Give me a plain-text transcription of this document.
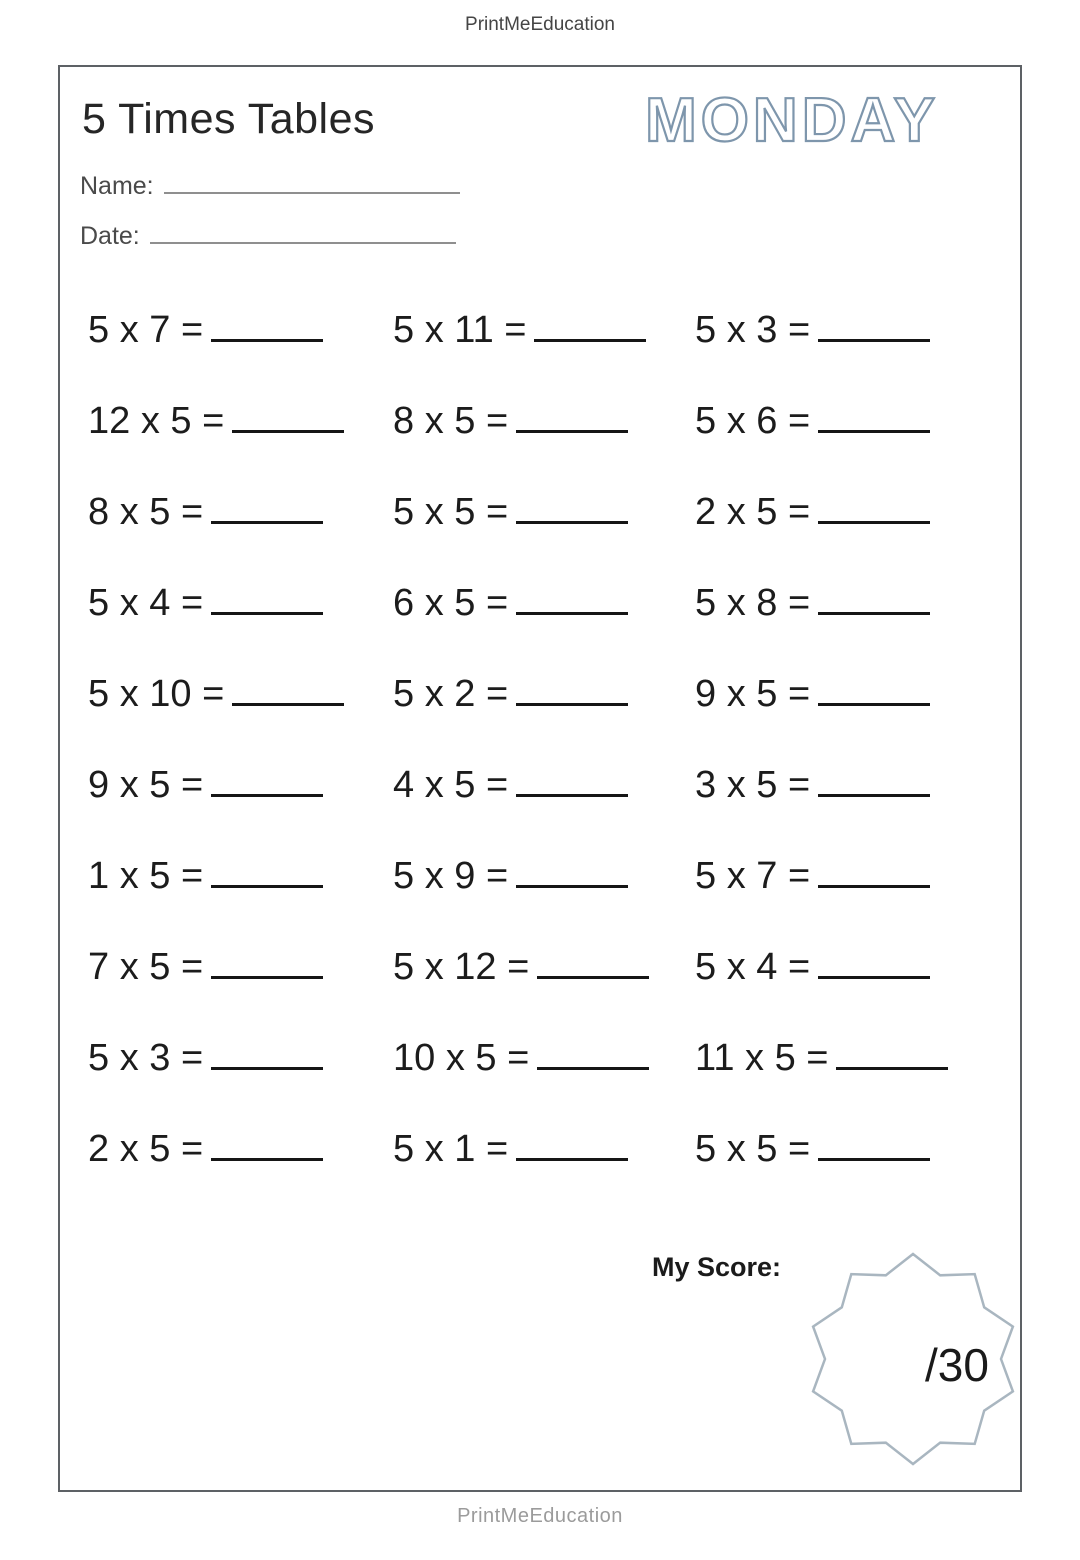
PrintMeEducation
5 Times Tables	MONDAY
Name:
Date:
5 x 7 =	5 x 11 =	5 x 3 =
12 x 5 =	8 x 5 =	5 x 6 =
8 x 5 =	5 x 5 =	2 x 5 =
5 x 4 =	6 x 5 =	5 x 8 =
5 x 10 =	5 x 2 =	9 x 5 =
9 x 5 =	4 x 5 =	3 x 5 =
1 x 5 =	5 x 9 =	5 x 7 =
7 x 5 =	5 x 12 =	5 x 4 =
5 x 3 =	10 x 5 =	11 x 5 =
2 x 5 =	5 x 1 =	5 x 5 =
My Score:
/30
PrintMeEducation
